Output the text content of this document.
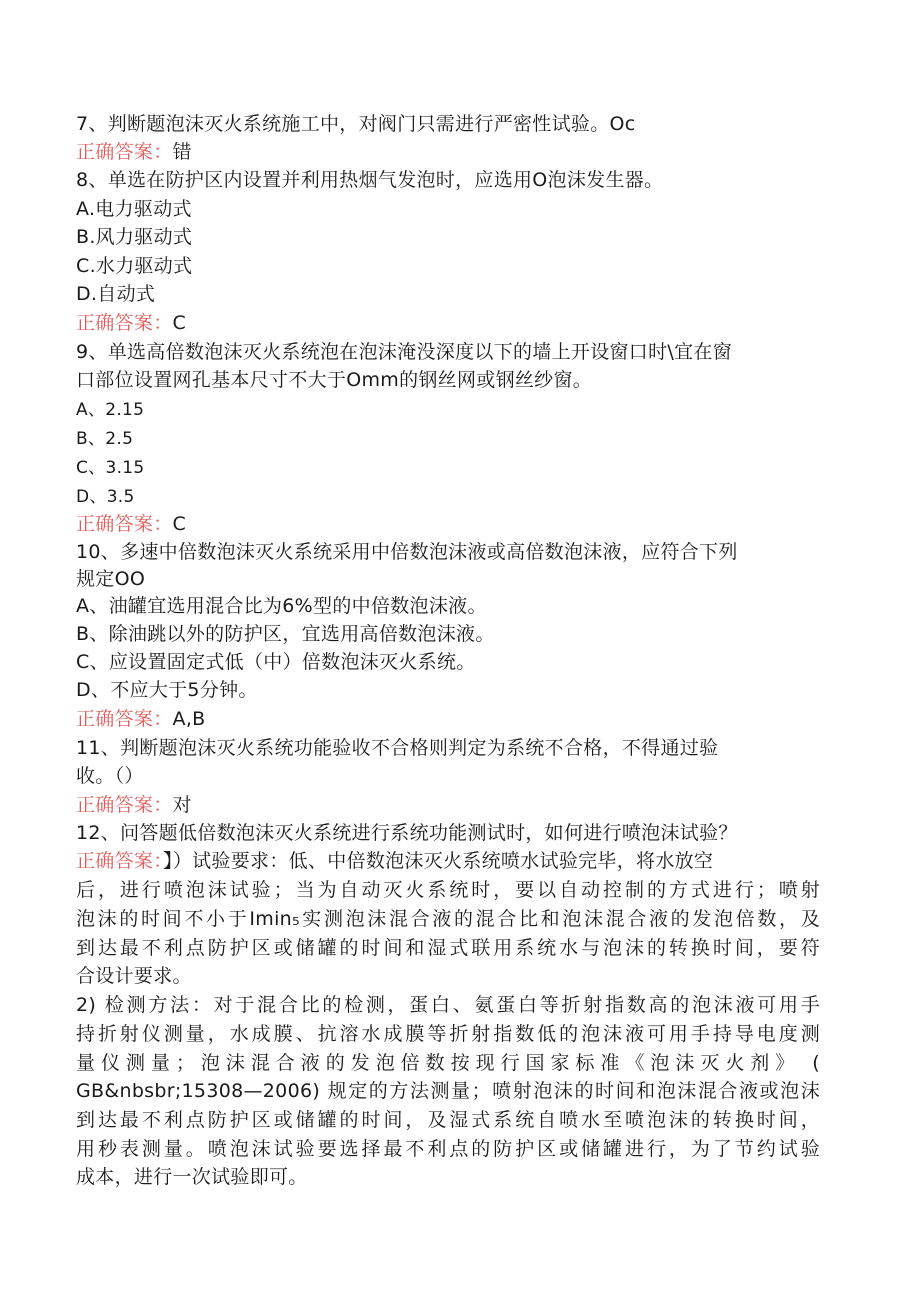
7、判断题泡沫灭火系统施工中，对阀门只需进行严密性试验。Oc
正确答案：错
8、单选在防护区内设置并利用热烟气发泡时，应选用O泡沫发生器。
A.电力驱动式
B.风力驱动式
C.水力驱动式
D.自动式
正确答案：C
9、单选高倍数泡沫灭火系统泡在泡沫淹没深度以下的墙上开设窗口时\宜在窗
口部位设置网孔基本尺寸不大于Omm的钢丝网或钢丝纱窗。
A、2.15
B、2.5
C、3.15
D、3.5
正确答案：C
10、多速中倍数泡沫灭火系统采用中倍数泡沫液或高倍数泡沫液，应符合下列
规定OO
A、油罐宜选用混合比为6%型的中倍数泡沫液。
B、除油跳以外的防护区，宜选用高倍数泡沫液。
C、应设置固定式低（中）倍数泡沫灭火系统。
D、不应大于5分钟。
正确答案：A,B
11、判断题泡沫灭火系统功能验收不合格则判定为系统不合格，不得通过验
收。（）
正确答案：对
12、问答题低倍数泡沫灭火系统进行系统功能测试时，如何进行喷泡沫试验？
正确答案：】）试验要求：低、中倍数泡沫灭火系统喷水试验完毕，将水放空
后，进行喷泡沫试验；当为自动灭火系统时，要以自动控制的方式进行；喷射
泡沫的时间不小于Imin₅实测泡沫混合液的混合比和泡沫混合液的发泡倍数，及
到达最不利点防护区或储罐的时间和湿式联用系统水与泡沫的转换时间，要符
合设计要求。
2) 检测方法：对于混合比的检测，蛋白、氨蛋白等折射指数高的泡沫液可用手
持折射仪测量，水成膜、抗溶水成膜等折射指数低的泡沫液可用手持导电度测
量仪测量；泡沫混合液的发泡倍数按现行国家标准《泡沫灭火剂》 (
GB&nbsbr;15308—2006) 规定的方法测量；喷射泡沫的时间和泡沫混合液或泡沫
到达最不利点防护区或储罐的时间，及湿式系统自喷水至喷泡沫的转换时间，
用秒表测量。喷泡沫试验要选择最不利点的防护区或储罐进行，为了节约试验
成本，进行一次试验即可。
